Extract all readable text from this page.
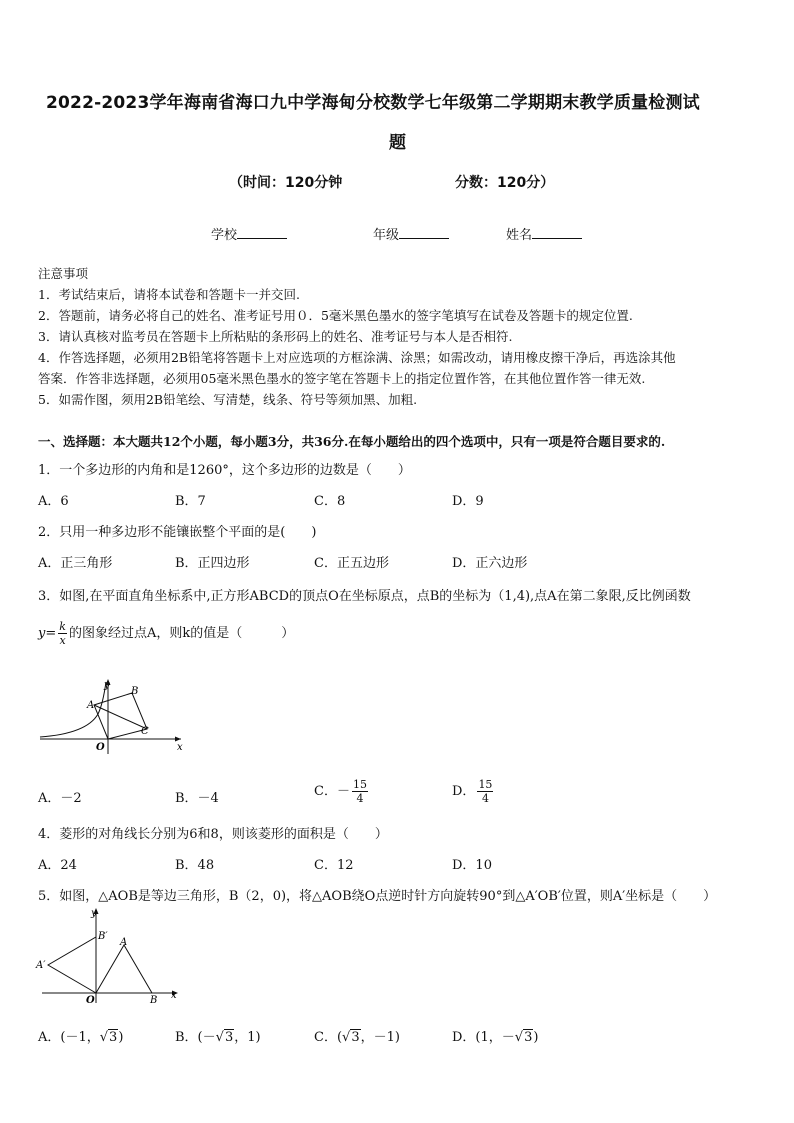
2022-2023学年海南省海口九中学海甸分校数学七年级第二学期期末教学质量检测试
题
（时间：120分钟	分数：120分）
学校	年级	姓名
注意事项
1．考试结束后，请将本试卷和答题卡一并交回.
2．答题前，请务必将自己的姓名、准考证号用０．5毫米黑色墨水的签字笔填写在试卷及答题卡的规定位置.
3．请认真核对监考员在答题卡上所粘贴的条形码上的姓名、准考证号与本人是否相符.
4．作答选择题，必须用2B铅笔将答题卡上对应选项的方框涂满、涂黑；如需改动，请用橡皮擦干净后，再选涂其他
答案．作答非选择题，必须用05毫米黑色墨水的签字笔在答题卡上的指定位置作答，在其他位置作答一律无效.
5．如需作图，须用2B铅笔绘、写清楚，线条、符号等须加黑、加粗.
一、选择题：本大题共12个小题，每小题3分，共36分.在每小题给出的四个选项中，只有一项是符合题目要求的.
1．一个多边形的内角和是1260°，这个多边形的边数是（　　）
A．6	B．7	C．8	D．9
2．只用一种多边形不能镶嵌整个平面的是(　　)
A．正三角形	B．正四边形	C．正五边形	D．正六边形
3．如图,在平面直角坐标系中,正方形ABCD的顶点O在坐标原点，点B的坐标为（1,4),点A在第二象限,反比例函数
$y= \frac{k}{x}$ 的图象经过点A，则k的值是（　　　）
y
x
A
B
C
O
A．－2	B．－4	C．－ $\frac{15}{4}$	D． $\frac{15}{4}$
4．菱形的对角线长分别为6和8，则该菱形的面积是（　　）
A．24	B．48	C．12	D．10
5．如图，△AOB是等边三角形，B（2，0)，将△AOB绕O点逆时针方向旋转90°到△A′OB′位置，则A′坐标是（　　）
y
x
B′
A
A′
O	B
A．(－1，√3)	B．(－√3，1)	C．(√3，－1)	D．(1，－√3)
